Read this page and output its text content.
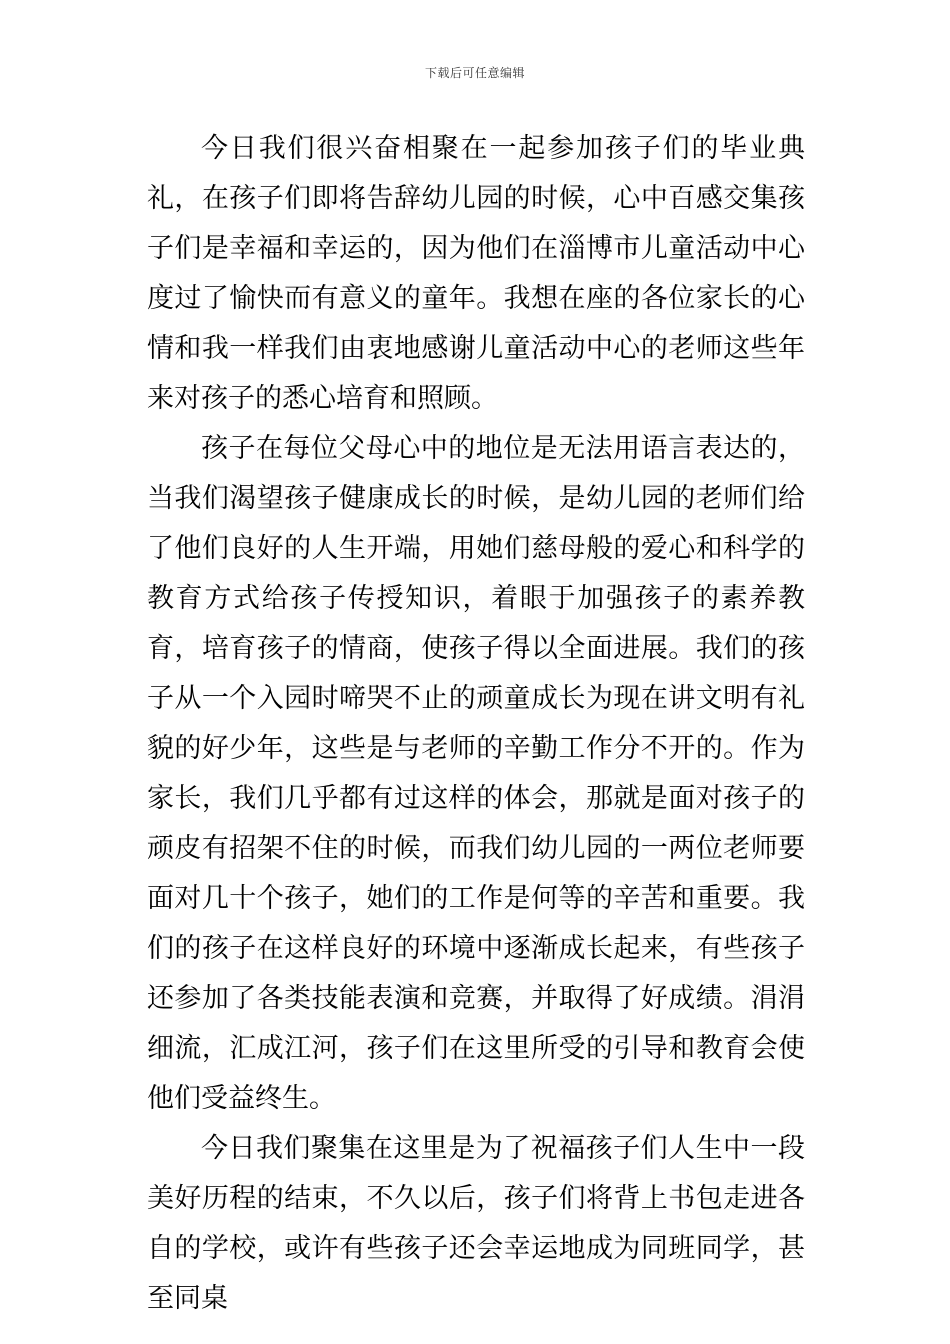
下载后可任意编辑

今日我们很兴奋相聚在一起参加孩子们的毕业典礼，在孩子们即将告辞幼儿园的时候，心中百感交集孩子们是幸福和幸运的，因为他们在淄博市儿童活动中心度过了愉快而有意义的童年。我想在座的各位家长的心情和我一样我们由衷地感谢儿童活动中心的老师这些年来对孩子的悉心培育和照顾。

孩子在每位父母心中的地位是无法用语言表达的，当我们渴望孩子健康成长的时候，是幼儿园的老师们给了他们良好的人生开端，用她们慈母般的爱心和科学的教育方式给孩子传授知识，着眼于加强孩子的素养教育，培育孩子的情商，使孩子得以全面进展。我们的孩子从一个入园时啼哭不止的顽童成长为现在讲文明有礼貌的好少年，这些是与老师的辛勤工作分不开的。作为家长，我们几乎都有过这样的体会，那就是面对孩子的顽皮有招架不住的时候，而我们幼儿园的一两位老师要面对几十个孩子，她们的工作是何等的辛苦和重要。我们的孩子在这样良好的环境中逐渐成长起来，有些孩子还参加了各类技能表演和竞赛，并取得了好成绩。涓涓细流，汇成江河，孩子们在这里所受的引导和教育会使他们受益终生。

今日我们聚集在这里是为了祝福孩子们人生中一段美好历程的结束，不久以后，孩子们将背上书包走进各自的学校，或许有些孩子还会幸运地成为同班同学，甚至同桌
